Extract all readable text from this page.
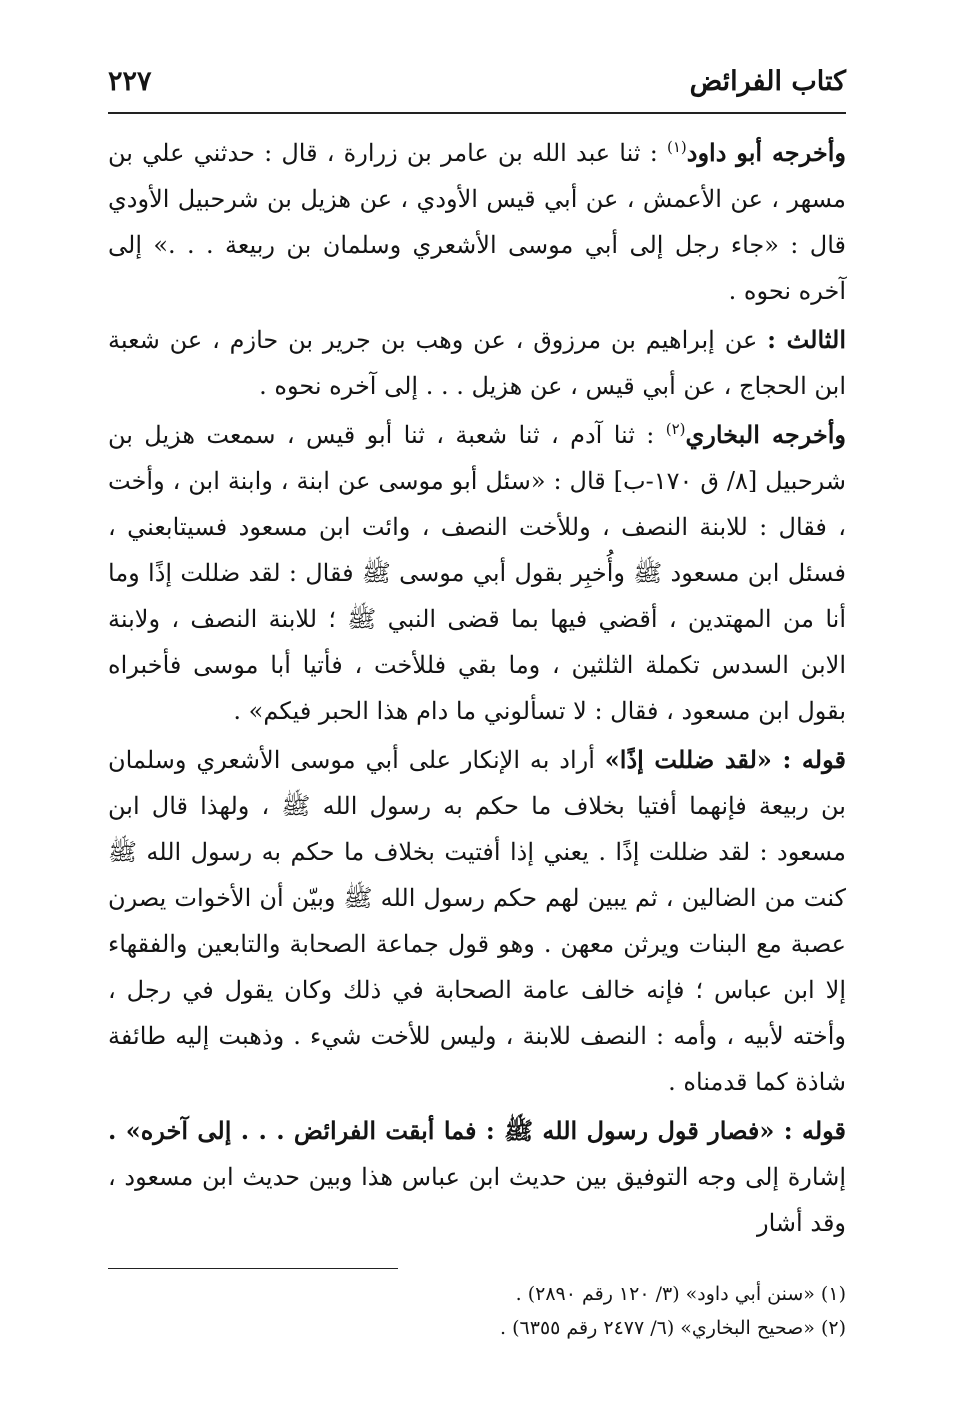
كتاب الفرائض
٢٢٧

وأخرجه أبو داود$^{(١)}$ : ثنا عبد الله بن عامر بن زرارة ، قال : حدثني علي بن مسهر ، عن الأعمش ، عن أبي قيس الأودي ، عن هزيل بن شرحبيل الأودي قال : «جاء رجل إلى أبي موسى الأشعري وسلمان بن ربيعة . . .» إلى آخره نحوه .

الثالث : عن إبراهيم بن مرزوق ، عن وهب بن جرير بن حازم ، عن شعبة ابن الحجاج ، عن أبي قيس ، عن هزيل . . . إلى آخره نحوه .

وأخرجه البخاري$^{(٢)}$ : ثنا آدم ، ثنا شعبة ، ثنا أبو قيس ، سمعت هزيل بن شرحبيل [٨/ ق ١٧٠-ب] قال : «سئل أبو موسى عن ابنة ، وابنة ابن ، وأخت ، فقال : للابنة النصف ، وللأخت النصف ، وائت ابن مسعود فسيتابعني ، فسئل ابن مسعود ﷺ وأُخبِر بقول أبي موسى ﷺ فقال : لقد ضللت إذًا وما أنا من المهتدين ، أقضي فيها بما قضى النبي ﷺ ؛ للابنة النصف ، ولابنة الابن السدس تكملة الثلثين ، وما بقي فللأخت ، فأتيا أبا موسى فأخبراه بقول ابن مسعود ، فقال : لا تسألوني ما دام هذا الحبر فيكم» .

قوله : «لقد ضللت إذًا» أراد به الإنكار على أبي موسى الأشعري وسلمان بن ربيعة فإنهما أفتيا بخلاف ما حكم به رسول الله ﷺ ، ولهذا قال ابن مسعود : لقد ضللت إذًا . يعني إذا أفتيت بخلاف ما حكم به رسول الله ﷺ كنت من الضالين ، ثم يبين لهم حكم رسول الله ﷺ وبيّن أن الأخوات يصرن عصبة مع البنات ويرثن معهن . وهو قول جماعة الصحابة والتابعين والفقهاء إلا ابن عباس ؛ فإنه خالف عامة الصحابة في ذلك وكان يقول في رجل ، وأخته لأبيه ، وأمه : النصف للابنة ، وليس للأخت شيء . وذهبت إليه طائفة شاذة كما قدمناه .

قوله : «فصار قول رسول الله ﷺ : فما أبقت الفرائض . . . إلى آخره» . إشارة إلى وجه التوفيق بين حديث ابن عباس هذا وبين حديث ابن مسعود ، وقد أشار

(١) «سنن أبي داود» (٣/ ١٢٠ رقم ٢٨٩٠) .

(٢) «صحيح البخاري» (٦/ ٢٤٧٧ رقم ٦٣٥٥) .
